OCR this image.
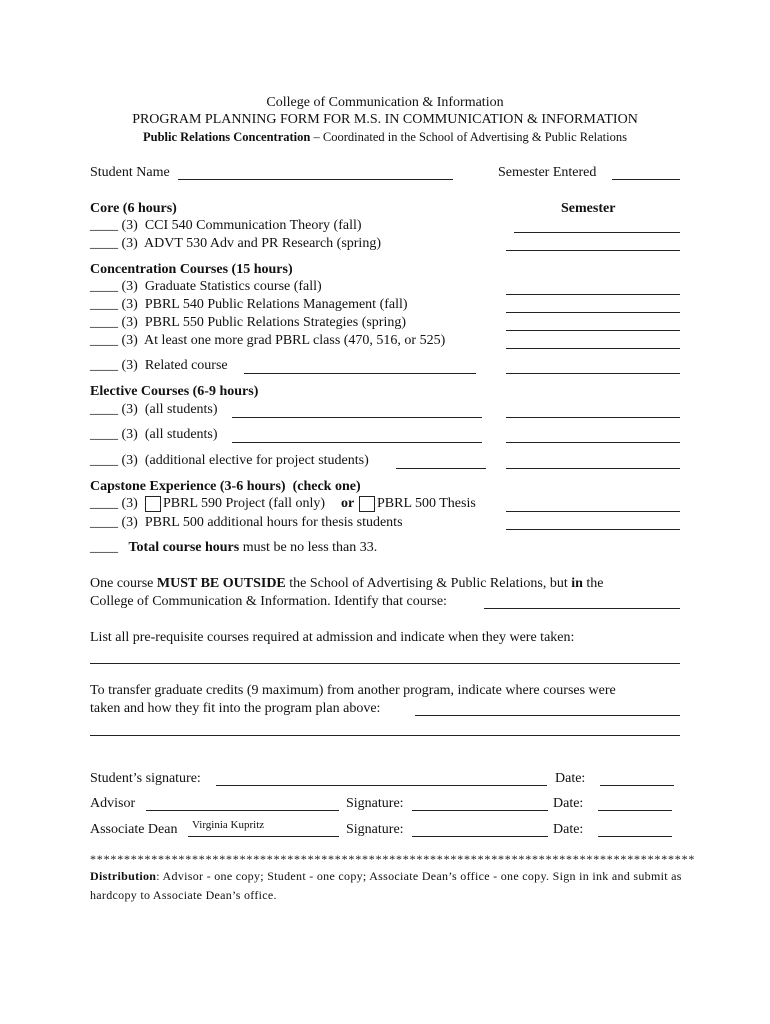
College of Communication & Information
PROGRAM PLANNING FORM FOR M.S. IN COMMUNICATION & INFORMATION
Public Relations Concentration – Coordinated in the School of Advertising & Public Relations
Student Name	Semester Entered
Core (6 hours)	Semester
____ (3)  CCI 540 Communication Theory (fall)
____ (3)  ADVT 530 Adv and PR Research (spring)
Concentration Courses (15 hours)
____ (3)  Graduate Statistics course (fall)
____ (3)  PBRL 540 Public Relations Management (fall)
____ (3)  PBRL 550 Public Relations Strategies (spring)
____ (3)  At least one more grad PBRL class (470, 516, or 525)
____ (3)  Related course
Elective Courses (6-9 hours)
____ (3)  (all students)
____ (3)  (all students)
____ (3)  (additional elective for project students)
Capstone Experience (3-6 hours)  (check one)
____ (3) PBRL 590 Project (fall only) or PBRL 500 Thesis
____ (3)  PBRL 500 additional hours for thesis students
____ Total course hours must be no less than 33.
One course MUST BE OUTSIDE the School of Advertising & Public Relations, but in the
College of Communication & Information. Identify that course:
List all pre-requisite courses required at admission and indicate when they were taken:
To transfer graduate credits (9 maximum) from another program, indicate where courses were
taken and how they fit into the program plan above:
Student’s signature:	Date:
Advisor	Signature:	Date:
Associate Dean Virginia Kupritz	Signature:	Date:
*****************************************************************************************
Distribution: Advisor - one copy; Student - one copy; Associate Dean’s office - one copy. Sign in ink and submit as hardcopy to Associate Dean’s office.
